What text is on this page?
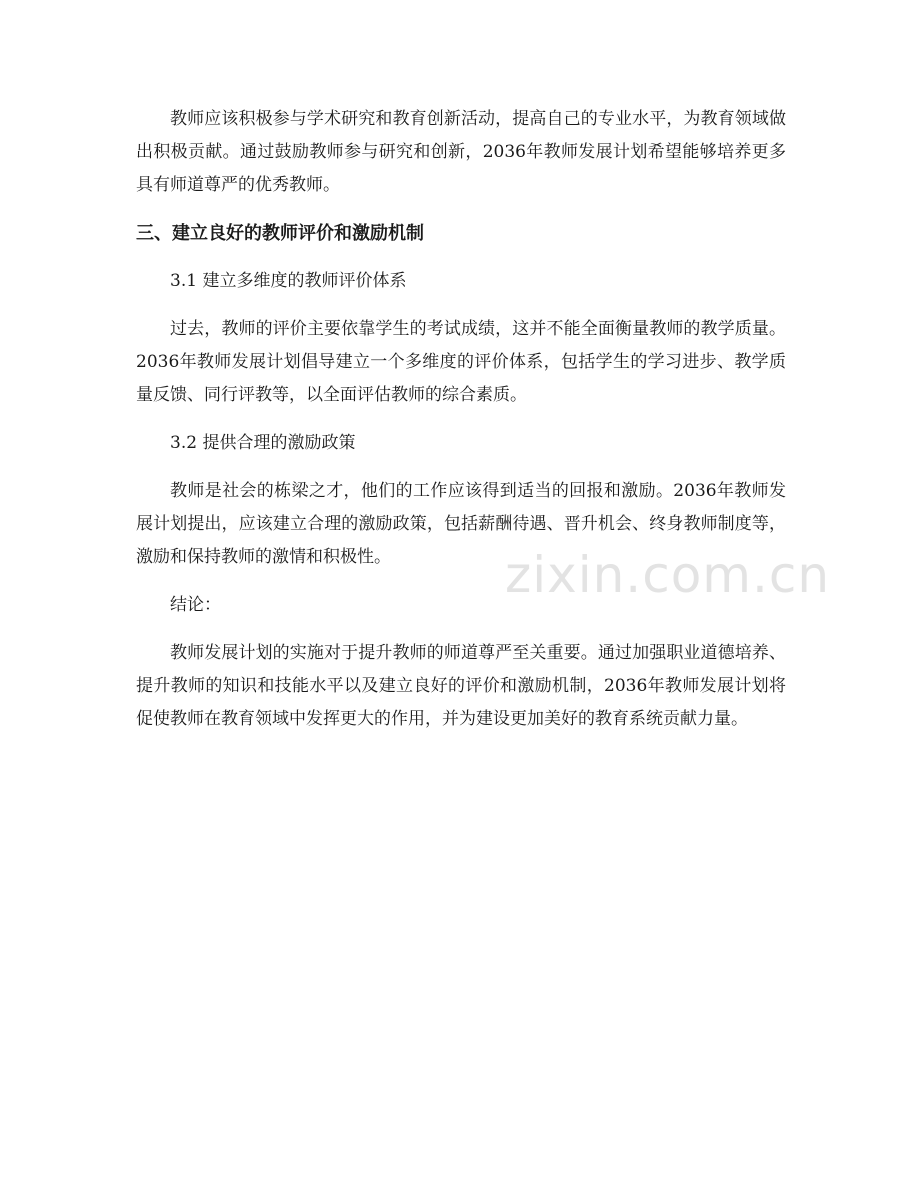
教师应该积极参与学术研究和教育创新活动，提高自己的专业水平，为教育领域做出积极贡献。通过鼓励教师参与研究和创新，2036年教师发展计划希望能够培养更多具有师道尊严的优秀教师。

三、建立良好的教师评价和激励机制

3.1 建立多维度的教师评价体系

过去，教师的评价主要依靠学生的考试成绩，这并不能全面衡量教师的教学质量。2036年教师发展计划倡导建立一个多维度的评价体系，包括学生的学习进步、教学质量反馈、同行评教等，以全面评估教师的综合素质。

3.2 提供合理的激励政策

教师是社会的栋梁之才，他们的工作应该得到适当的回报和激励。2036年教师发展计划提出，应该建立合理的激励政策，包括薪酬待遇、晋升机会、终身教师制度等，激励和保持教师的激情和积极性。

结论：

教师发展计划的实施对于提升教师的师道尊严至关重要。通过加强职业道德培养、提升教师的知识和技能水平以及建立良好的评价和激励机制，2036年教师发展计划将促使教师在教育领域中发挥更大的作用，并为建设更加美好的教育系统贡献力量。

zixin.com.cn
